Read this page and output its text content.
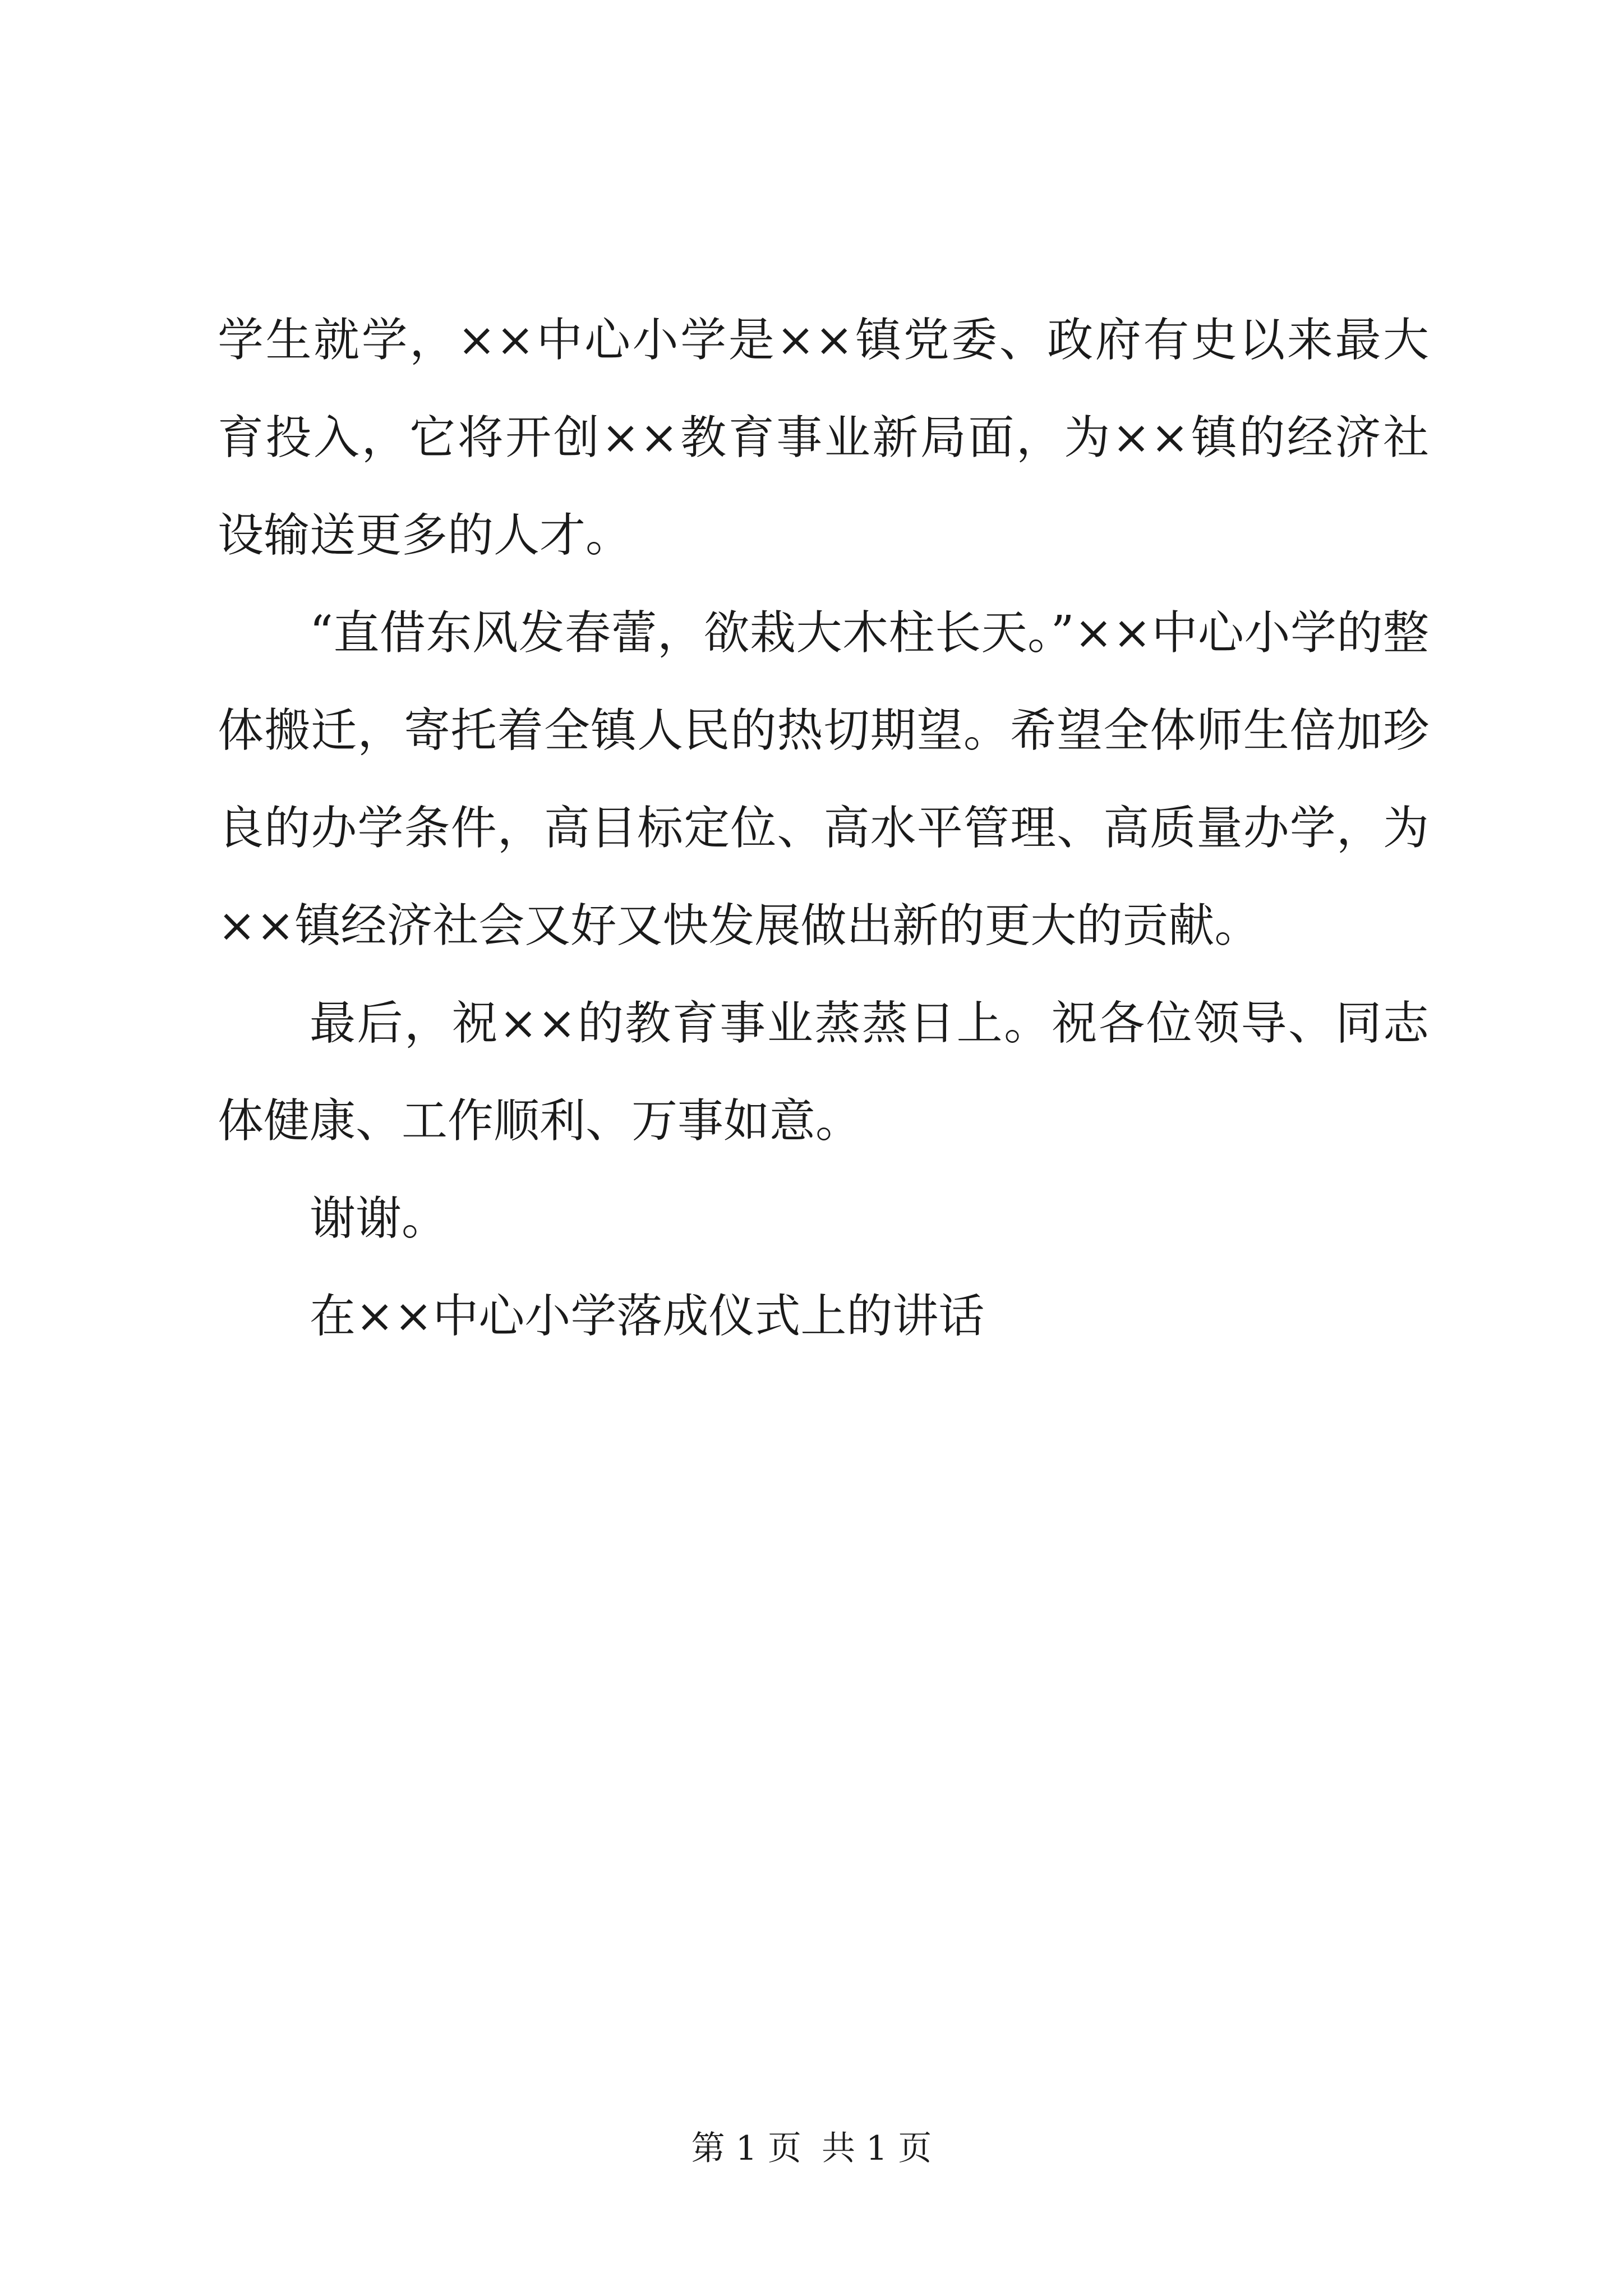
学生就学，××中心小学是××镇党委、政府有史以来最大
育投入，它将开创××教育事业新局面，为××镇的经济社
设输送更多的人才。
“直借东风发春蕾，欲栽大木柱长天。”××中心小学的整
体搬迁，寄托着全镇人民的热切期望。希望全体师生倍加珍
良的办学条件，高目标定位、高水平管理、高质量办学，为
××镇经济社会又好又快发展做出新的更大的贡献。
最后，祝××的教育事业蒸蒸日上。祝各位领导、同志
体健康、工作顺利、万事如意。
谢谢。
在××中心小学落成仪式上的讲话
第 1 页 共 1 页
